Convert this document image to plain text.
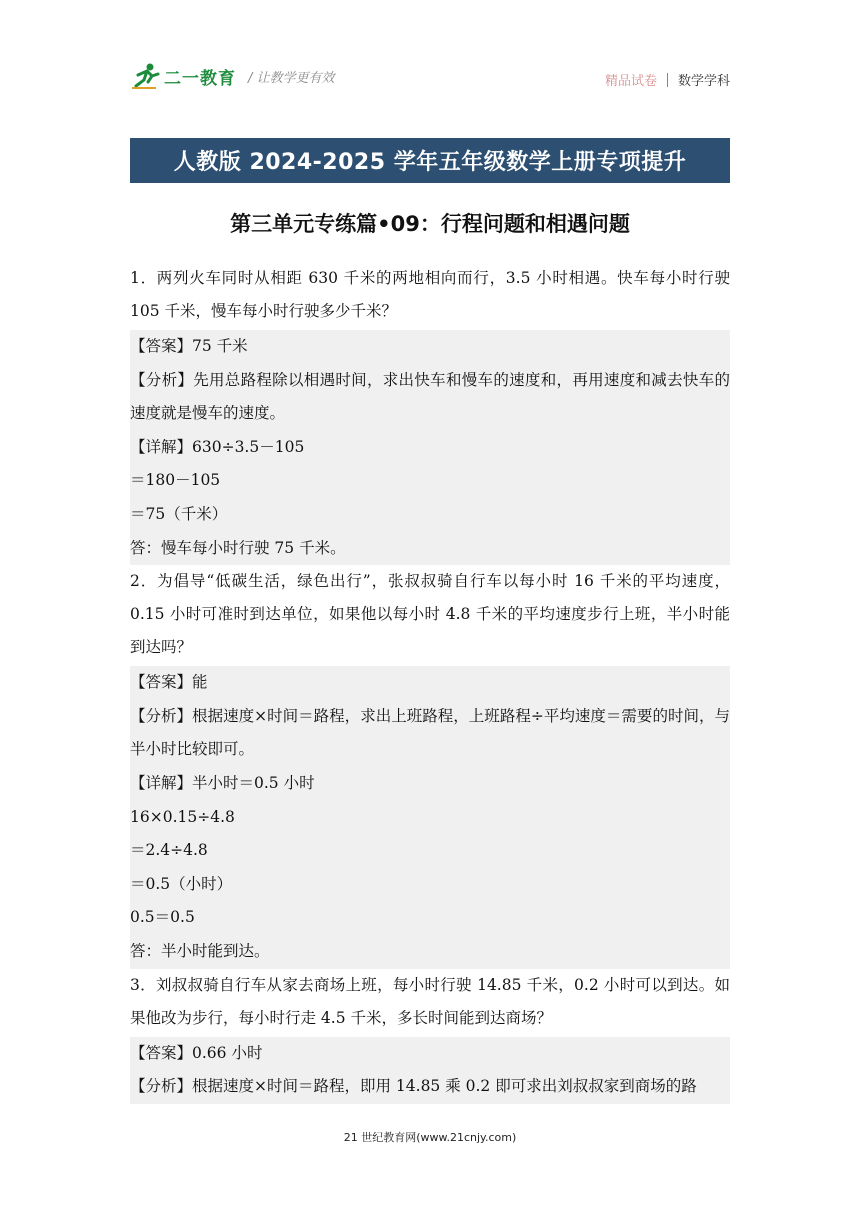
二一教育 / 让教学更有效	精品试卷 数学学科
人教版 2024-2025 学年五年级数学上册专项提升
第三单元专练篇•09：行程问题和相遇问题
1．两列火车同时从相距 630 千米的两地相向而行，3.5 小时相遇。快车每小时行驶 105 千米，慢车每小时行驶多少千米？

【答案】75 千米

【分析】先用总路程除以相遇时间，求出快车和慢车的速度和，再用速度和减去快车的速度就是慢车的速度。

【详解】630÷3.5－105

＝180－105

＝75（千米）

答：慢车每小时行驶 75 千米。

2．为倡导“低碳生活，绿色出行”，张叔叔骑自行车以每小时 16 千米的平均速度，0.15 小时可准时到达单位，如果他以每小时 4.8 千米的平均速度步行上班，半小时能到达吗？

【答案】能

【分析】根据速度×时间＝路程，求出上班路程，上班路程÷平均速度＝需要的时间，与半小时比较即可。

【详解】半小时＝0.5 小时

16×0.15÷4.8

＝2.4÷4.8

＝0.5（小时）

0.5＝0.5

答：半小时能到达。

3．刘叔叔骑自行车从家去商场上班，每小时行驶 14.85 千米，0.2 小时可以到达。如果他改为步行，每小时行走 4.5 千米，多长时间能到达商场？

【答案】0.66 小时

【分析】根据速度×时间＝路程，即用 14.85 乘 0.2 即可求出刘叔叔家到商场的路

21 世纪教育网(www.21cnjy.com)
